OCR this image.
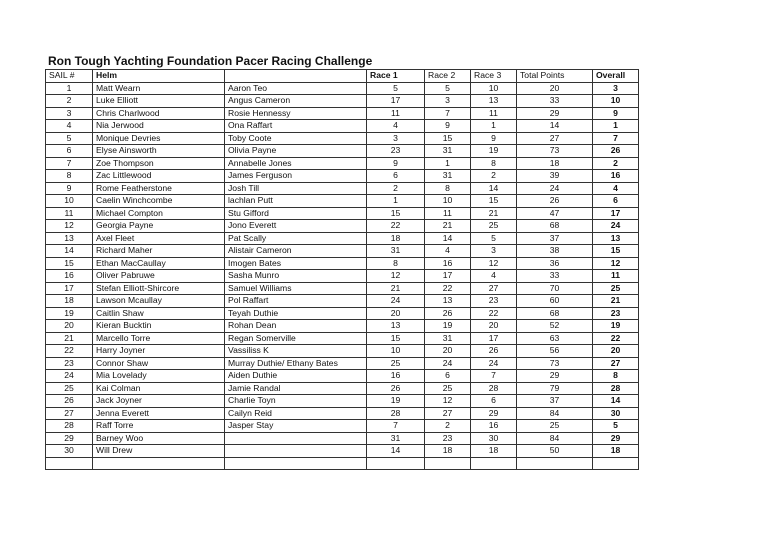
Ron Tough Yachting Foundation Pacer Racing Challenge
SAIL #	Helm		Race 1	Race 2	Race 3	Total Points	Overall
1	Matt Wearn	Aaron Teo	5	5	10	20	3
2	Luke Elliott	Angus Cameron	17	3	13	33	10
3	Chris Charlwood	Rosie Hennessy	11	7	11	29	9
4	Nia Jerwood	Ona Raffart	4	9	1	14	1
5	Monique Devries	Toby Coote	3	15	9	27	7
6	Elyse Ainsworth	Olivia Payne	23	31	19	73	26
7	Zoe Thompson	Annabelle Jones	9	1	8	18	2
8	Zac Littlewood	James Ferguson	6	31	2	39	16
9	Rome Featherstone	Josh Till	2	8	14	24	4
10	Caelin Winchcombe	lachlan Putt	1	10	15	26	6
11	Michael Compton	Stu Gifford	15	11	21	47	17
12	Georgia Payne	Jono Everett	22	21	25	68	24
13	Axel Fleet	Pat Scally	18	14	5	37	13
14	Richard Maher	Alistair Cameron	31	4	3	38	15
15	Ethan MacCaullay	Imogen Bates	8	16	12	36	12
16	Oliver Pabruwe	Sasha Munro	12	17	4	33	11
17	Stefan Elliott-Shircore	Samuel Williams	21	22	27	70	25
18	Lawson Mcaullay	Pol Raffart	24	13	23	60	21
19	Caitlin Shaw	Teyah Duthie	20	26	22	68	23
20	Kieran Bucktin	Rohan Dean	13	19	20	52	19
21	Marcello Torre	Regan Somerville	15	31	17	63	22
22	Harry Joyner	Vassiliss K	10	20	26	56	20
23	Connor Shaw	Murray Duthie/ Ethany Bates	25	24	24	73	27
24	Mia Lovelady	Aiden Duthie	16	6	7	29	8
25	Kai Colman	Jamie Randal	26	25	28	79	28
26	Jack Joyner	Charlie Toyn	19	12	6	37	14
27	Jenna Everett	Cailyn Reid	28	27	29	84	30
28	Raff Torre	Jasper Stay	7	2	16	25	5
29	Barney Woo		31	23	30	84	29
30	Will Drew		14	18	18	50	18
